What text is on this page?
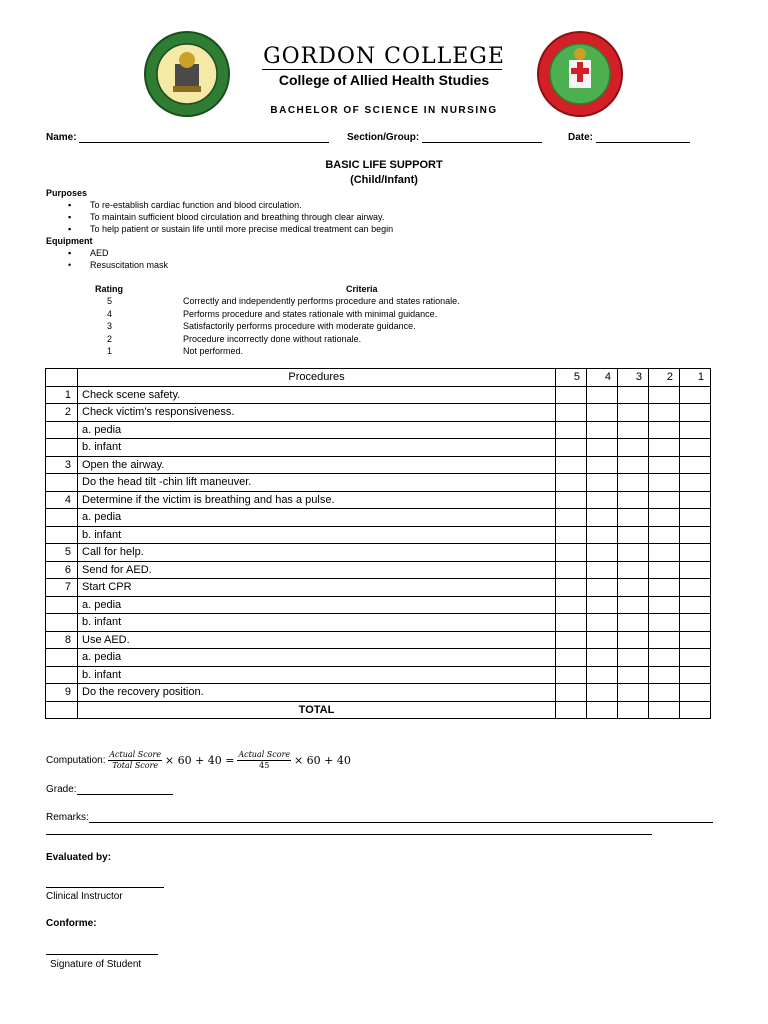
GORDON COLLEGE
College of Allied Health Studies
BACHELOR OF SCIENCE IN NURSING
Name:	Section/Group:	Date:
BASIC LIFE SUPPORT
(Child/Infant)
Purposes
▪ To re-establish cardiac function and blood circulation.
▪ To maintain sufficient blood circulation and breathing through clear airway.
▪ To help patient or sustain life until more precise medical treatment can begin
Equipment
▪ AED
• Resuscitation mask
Rating	Criteria
5	Correctly and independently performs procedure and states rationale.
4	Performs procedure and states rationale with minimal guidance.
3	Satisfactorily performs procedure with moderate guidance.
2	Procedure incorrectly done without rationale.
1	Not performed.
	Procedures	5	4	3	2	1
1	Check scene safety.					
2	Check victim's responsiveness.					
	a. pedia					
	b. infant					
3	Open the airway.					
	Do the head tilt -chin lift maneuver.					
4	Determine if the victim is breathing and has a pulse.					
	a. pedia					
	b. infant					
5	Call for help.					
6	Send for AED.					
7	Start CPR					
	a. pedia					
	b. infant					
8	Use AED.					
	a. pedia					
	b. infant					
9	Do the recovery position.					
	TOTAL					
Computation: $\frac{\text{Actual Score}}{\text{Total Score}} \times 60 + 40 = \frac{\text{Actual Score}}{45} \times 60 + 40$
Grade:
Remarks:
Evaluated by:
Clinical Instructor
Conforme:
Signature of Student
